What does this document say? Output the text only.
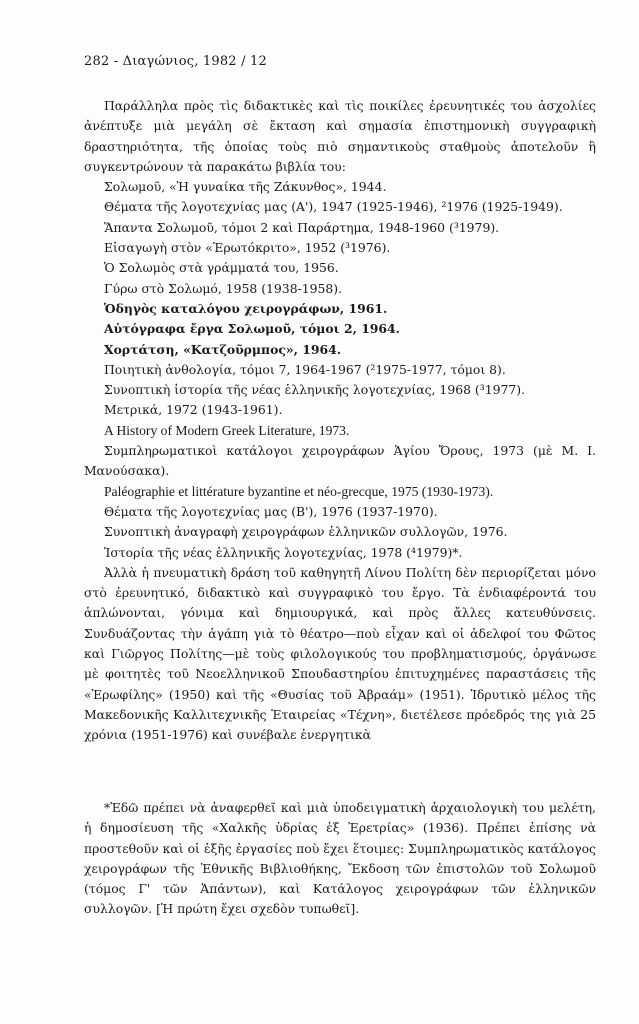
282 - Διαγώνιος, 1982 / 12

Παράλληλα πρὸς τὶς διδακτικὲς καὶ τὶς ποικίλες ἐρευνητικές του ἀσχολίες ἀνέπτυξε μιὰ μεγάλη σὲ ἔκταση καὶ σημασία ἐπιστημονικὴ συγγραφικὴ δραστηριότητα, τῆς ὁποίας τοὺς πιὸ σημαντικοὺς σταθμοὺς ἀποτελοῦν ἢ συγκεντρώνουν τὰ παρακάτω βιβλία του:

Σολωμοῦ, «Ἡ γυναίκα τῆς Ζάκυνθος», 1944.

Θέματα τῆς λογοτεχνίας μας (Α'), 1947 (1925-1946), ²1976 (1925-1949).

Ἅπαντα Σολωμοῦ, τόμοι 2 καὶ Παράρτημα, 1948-1960 (³1979).

Εἰσαγωγὴ στὸν «Ἐρωτόκριτο», 1952 (³1976).

Ὁ Σολωμὸς στὰ γράμματά του, 1956.

Γύρω στὸ Σολωμό, 1958 (1938-1958).

Ὁδηγὸς καταλόγου χειρογράφων, 1961.

Αὐτόγραφα ἔργα Σολωμοῦ, τόμοι 2, 1964.

Χορτάτση, «Κατζοῦρμπος», 1964.

Ποιητικὴ ἀνθολογία, τόμοι 7, 1964-1967 (²1975-1977, τόμοι 8).

Συνοπτικὴ ἱστορία τῆς νέας ἑλληνικῆς λογοτεχνίας, 1968 (³1977).

Μετρικά, 1972 (1943-1961).

A History of Modern Greek Literature, 1973.

Συμπληρωματικοὶ κατάλογοι χειρογράφων Ἁγίου Ὄρους, 1973 (μὲ Μ. Ι. Μανούσακα).

Paléographie et littérature byzantine et néo-grecque, 1975 (1930-1973).

Θέματα τῆς λογοτεχνίας μας (Β'), 1976 (1937-1970).

Συνοπτικὴ ἀναγραφὴ χειρογράφων ἑλληνικῶν συλλογῶν, 1976.

Ἱστορία τῆς νέας ἑλληνικῆς λογοτεχνίας, 1978 (⁴1979)*.

Ἀλλὰ ἡ πνευματικὴ δράση τοῦ καθηγητῆ Λίνου Πολίτη δὲν περιορίζεται μόνο στὸ ἐρευνητικό, διδακτικὸ καὶ συγγραφικὸ του ἔργο. Τὰ ἐνδιαφέροντά του ἁπλώνονται, γόνιμα καὶ δημιουργικά, καὶ πρὸς ἄλλες κατευθύνσεις. Συνδυάζοντας τὴν ἀγάπη γιὰ τὸ θέατρο—ποὺ εἶχαν καὶ οἱ ἀδελφοί του Φῶτος καὶ Γιῶργος Πολίτης—μὲ τοὺς φιλολογικούς του προβληματισμούς, ὀργάνωσε μὲ φοιτητὲς τοῦ Νεοελληνικοῦ Σπουδαστηρίου ἐπιτυχημένες παραστάσεις τῆς «Ἐρωφίλης» (1950) καὶ τῆς «Θυσίας τοῦ Ἀβραάμ» (1951). Ἱδρυτικὸ μέλος τῆς Μακεδονικῆς Καλλιτεχνικῆς Ἑταιρείας «Τέχνη», διετέλεσε πρόεδρός της γιὰ 25 χρόνια (1951-1976) καὶ συνέβαλε ἐνεργητικὰ

*Ἐδῶ πρέπει νὰ ἀναφερθεῖ καὶ μιὰ ὑποδειγματικὴ ἀρχαιολογικὴ του μελέτη, ἡ δημοσίευση τῆς «Χαλκῆς ὑδρίας ἐξ Ἐρετρίας» (1936). Πρέπει ἐπίσης νὰ προστεθοῦν καὶ οἱ ἑξῆς ἐργασίες ποὺ ἔχει ἕτοιμες: Συμπληρωματικὸς κατάλογος χειρογράφων τῆς Ἐθνικῆς Βιβλιοθήκης, Ἔκδοση τῶν ἐπιστολῶν τοῦ Σολωμοῦ (τόμος Γ' τῶν Ἁπάντων), καὶ Κατάλογος χειρογράφων τῶν ἑλληνικῶν συλλογῶν. [Ἡ πρώτη ἔχει σχεδὸν τυπωθεῖ].
